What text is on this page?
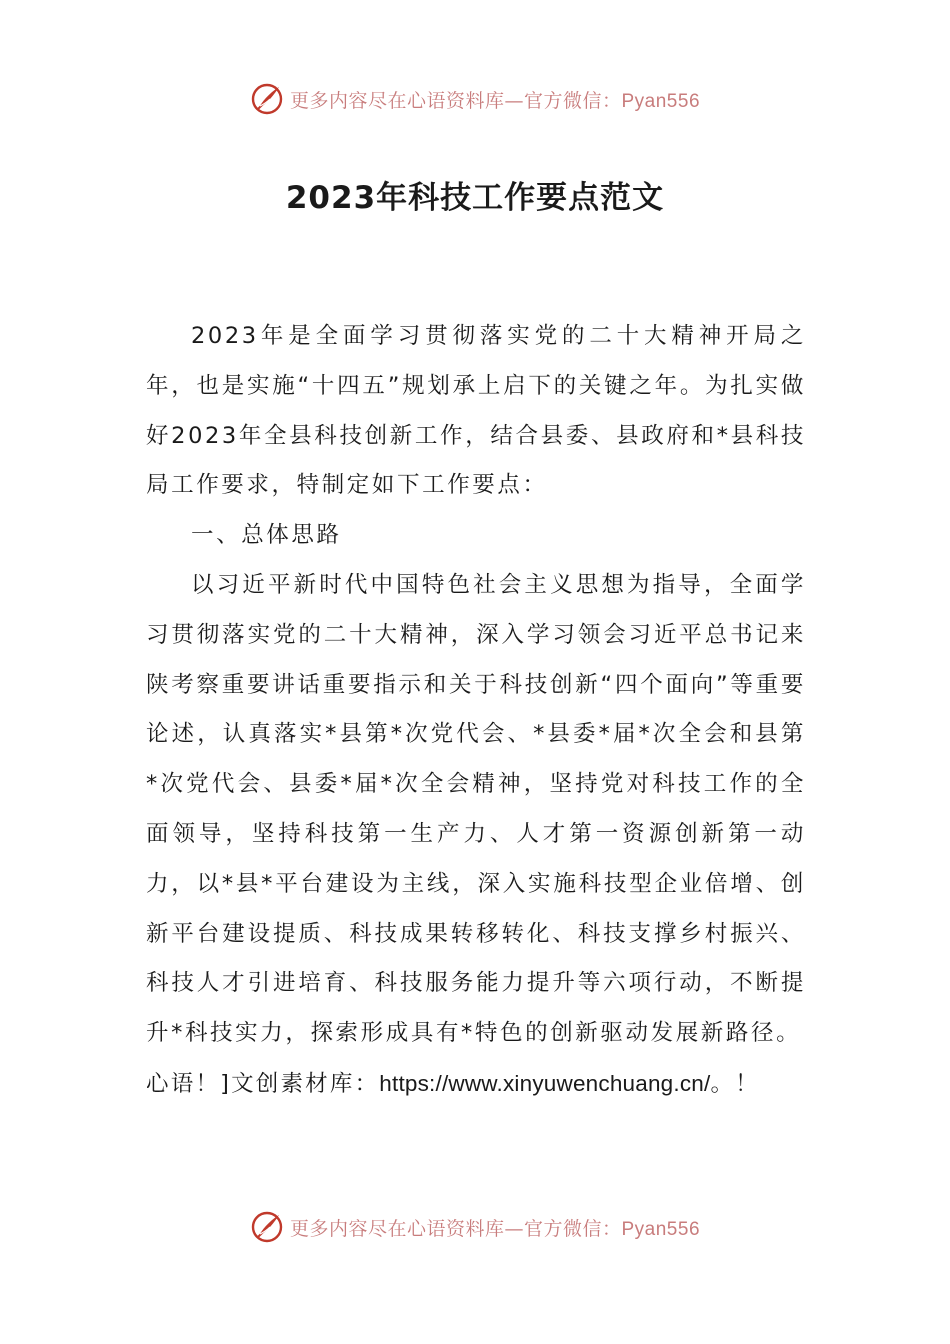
更多内容尽在心语资料库—官方微信：Pyan556
2023年科技工作要点范文

2023年是全面学习贯彻落实党的二十大精神开局之年，也是实施“十四五”规划承上启下的关键之年。为扎实做好2023年全县科技创新工作，结合县委、县政府和*县科技局工作要求，特制定如下工作要点：

一、总体思路

以习近平新时代中国特色社会主义思想为指导，全面学习贯彻落实党的二十大精神，深入学习领会习近平总书记来陕考察重要讲话重要指示和关于科技创新“四个面向”等重要论述，认真落实*县第*次党代会、*县委*届*次全会和县第*次党代会、县委*届*次全会精神，坚持党对科技工作的全面领导，坚持科技第一生产力、人才第一资源创新第一动力，以*县*平台建设为主线，深入实施科技型企业倍增、创新平台建设提质、科技成果转移转化、科技支撑乡村振兴、科技人才引进培育、科技服务能力提升等六项行动，不断提升*科技实力，探索形成具有*特色的创新驱动发展新路径。

心语！]文创素材库：https://www.xinyuwenchuang.cn/。！

更多内容尽在心语资料库—官方微信：Pyan556
